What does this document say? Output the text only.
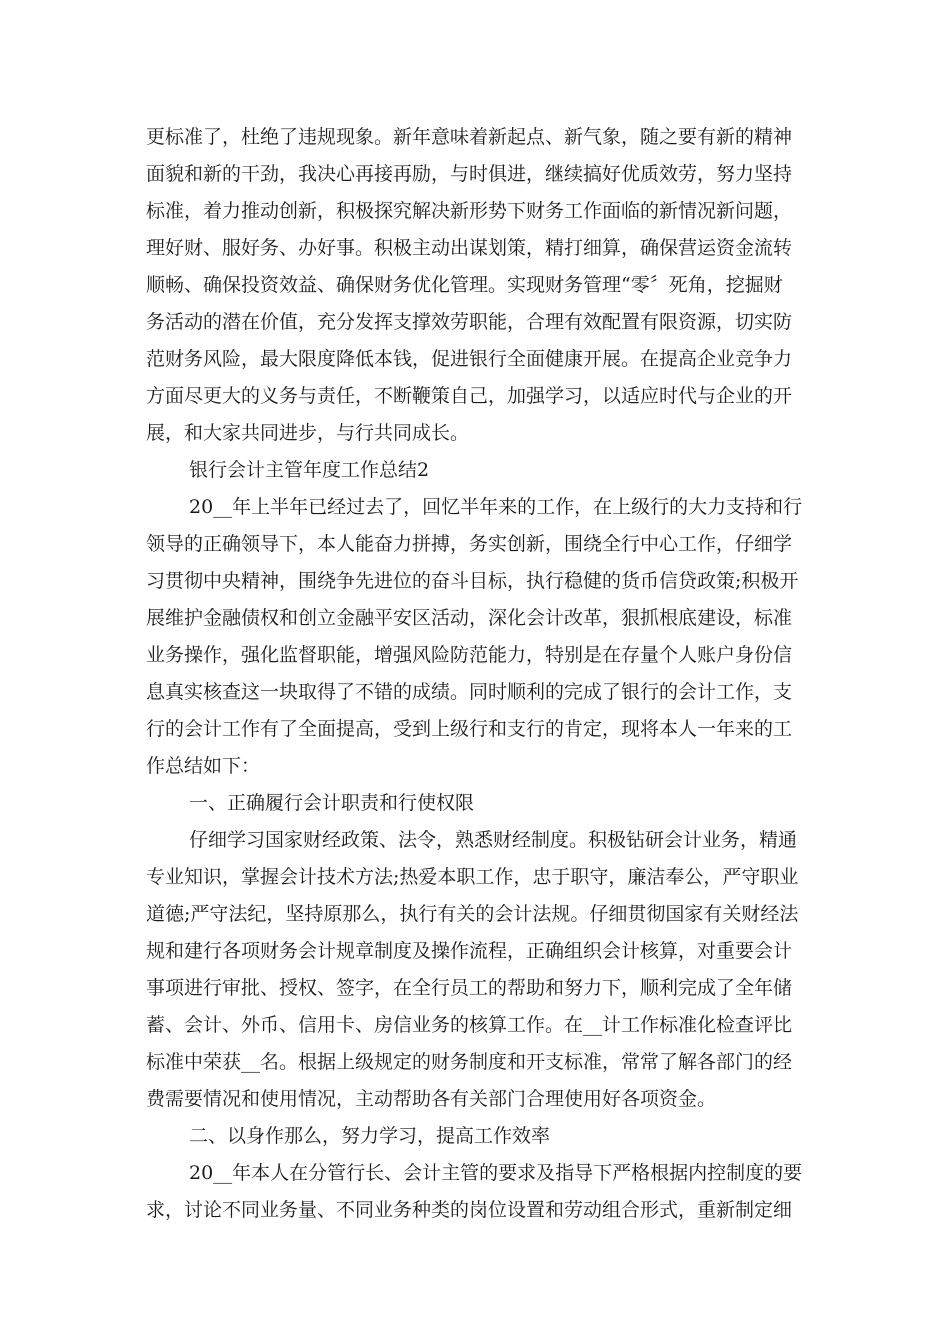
更标准了，杜绝了违规现象。新年意味着新起点、新气象，随之要有新的精神
面貌和新的干劲，我决心再接再励，与时俱进，继续搞好优质效劳，努力坚持
标准，着力推动创新，积极探究解决新形势下财务工作面临的新情况新问题，
理好财、服好务、办好事。积极主动出谋划策，精打细算，确保营运资金流转
顺畅、确保投资效益、确保财务优化管理。实现财务管理“零〞死角，挖掘财
务活动的潜在价值，充分发挥支撑效劳职能，合理有效配置有限资源，切实防
范财务风险，最大限度降低本钱，促进银行全面健康开展。在提高企业竞争力
方面尽更大的义务与责任，不断鞭策自己，加强学习，以适应时代与企业的开
展，和大家共同进步，与行共同成长。
银行会计主管年度工作总结2
20__年上半年已经过去了，回忆半年来的工作，在上级行的大力支持和行
领导的正确领导下，本人能奋力拼搏，务实创新，围绕全行中心工作，仔细学
习贯彻中央精神，围绕争先进位的奋斗目标，执行稳健的货币信贷政策;积极开
展维护金融债权和创立金融平安区活动，深化会计改革，狠抓根底建设，标准
业务操作，强化监督职能，增强风险防范能力，特别是在存量个人账户身份信
息真实核查这一块取得了不错的成绩。同时顺利的完成了银行的会计工作，支
行的会计工作有了全面提高，受到上级行和支行的肯定，现将本人一年来的工
作总结如下：
一、正确履行会计职责和行使权限
仔细学习国家财经政策、法令，熟悉财经制度。积极钻研会计业务，精通
专业知识，掌握会计技术方法;热爱本职工作，忠于职守，廉洁奉公，严守职业
道德;严守法纪，坚持原那么，执行有关的会计法规。仔细贯彻国家有关财经法
规和建行各项财务会计规章制度及操作流程，正确组织会计核算，对重要会计
事项进行审批、授权、签字，在全行员工的帮助和努力下，顺利完成了全年储
蓄、会计、外币、信用卡、房信业务的核算工作。在__计工作标准化检查评比
标准中荣获__名。根据上级规定的财务制度和开支标准，常常了解各部门的经
费需要情况和使用情况，主动帮助各有关部门合理使用好各项资金。
二、以身作那么，努力学习，提高工作效率
20__年本人在分管行长、会计主管的要求及指导下严格根据内控制度的要
求，讨论不同业务量、不同业务种类的岗位设置和劳动组合形式，重新制定细
